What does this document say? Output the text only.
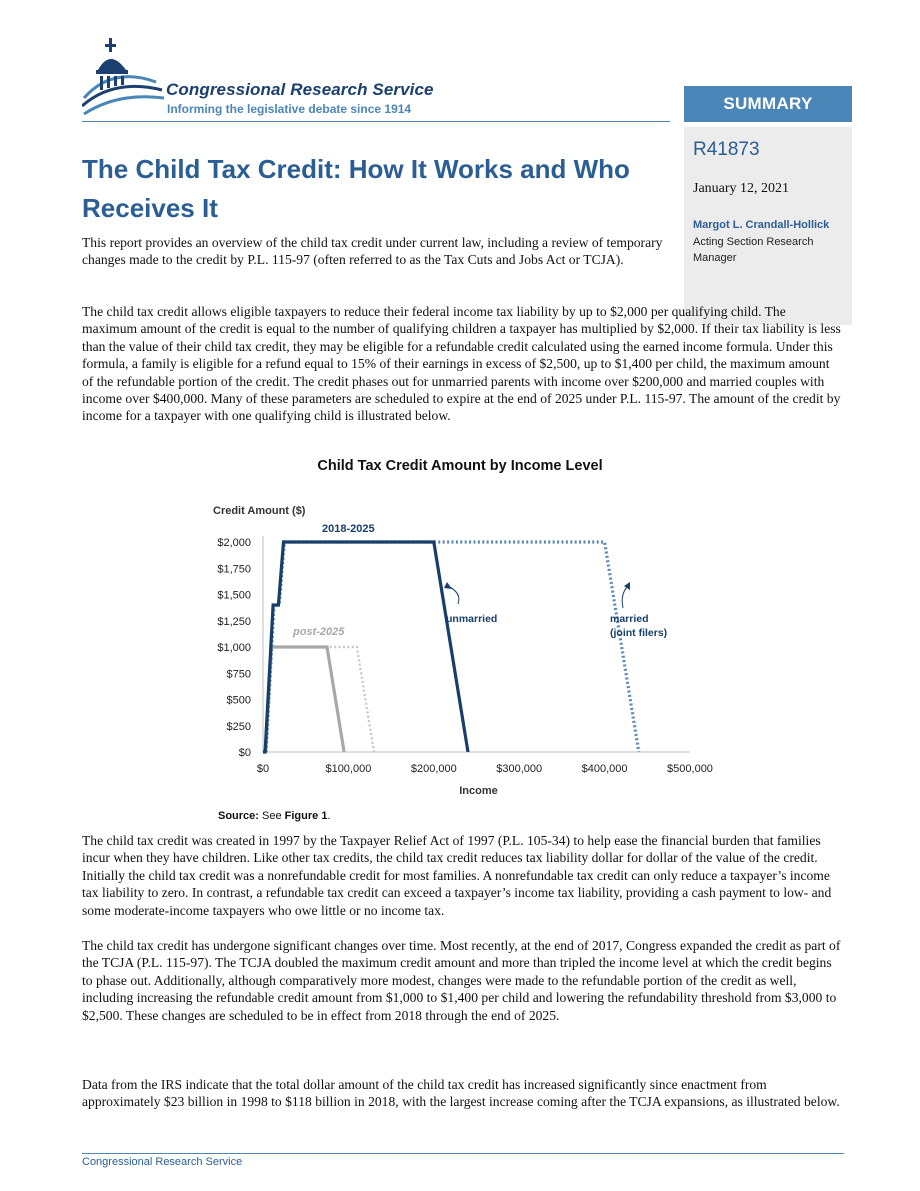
Congressional Research Service
Informing the legislative debate since 1914	SUMMARY
R41873
January 12, 2021
Margot L. Crandall-Hollick
Acting Section Research Manager
The Child Tax Credit: How It Works and Who Receives It

This report provides an overview of the child tax credit under current law, including a review of temporary changes made to the credit by P.L. 115-97 (often referred to as the Tax Cuts and Jobs Act or TCJA).

The child tax credit allows eligible taxpayers to reduce their federal income tax liability by up to $2,000 per qualifying child. The maximum amount of the credit is equal to the number of qualifying children a taxpayer has multiplied by $2,000. If their tax liability is less than the value of their child tax credit, they may be eligible for a refundable credit calculated using the earned income formula. Under this formula, a family is eligible for a refund equal to 15% of their earnings in excess of $2,500, up to $1,400 per child, the maximum amount of the refundable portion of the credit. The credit phases out for unmarried parents with income over $200,000 and married couples with income over $400,000. Many of these parameters are scheduled to expire at the end of 2025 under P.L. 115-97. The amount of the credit by income for a taxpayer with one qualifying child is illustrated below.

Child Tax Credit Amount by Income Level
$0
$250
$500
$750
$1,000
$1,250
$1,500
$1,750
$2,000
$0	$100,000	$200,000	$300,000	$400,000	$500,000
Credit Amount ($)
Income
2018-2025
post-2025
unmarried	married
(joint filers)
Source: See Figure 1.

The child tax credit was created in 1997 by the Taxpayer Relief Act of 1997 (P.L. 105-34) to help ease the financial burden that families incur when they have children. Like other tax credits, the child tax credit reduces tax liability dollar for dollar of the value of the credit. Initially the child tax credit was a nonrefundable credit for most families. A nonrefundable tax credit can only reduce a taxpayer’s income tax liability to zero. In contrast, a refundable tax credit can exceed a taxpayer’s income tax liability, providing a cash payment to low- and some moderate-income taxpayers who owe little or no income tax.

The child tax credit has undergone significant changes over time. Most recently, at the end of 2017, Congress expanded the credit as part of the TCJA (P.L. 115-97). The TCJA doubled the maximum credit amount and more than tripled the income level at which the credit begins to phase out. Additionally, although comparatively more modest, changes were made to the refundable portion of the credit as well, including increasing the refundable credit amount from $1,000 to $1,400 per child and lowering the refundability threshold from $3,000 to $2,500. These changes are scheduled to be in effect from 2018 through the end of 2025.

Data from the IRS indicate that the total dollar amount of the child tax credit has increased significantly since enactment from approximately $23 billion in 1998 to $118 billion in 2018, with the largest increase coming after the TCJA expansions, as illustrated below.

Congressional Research Service
